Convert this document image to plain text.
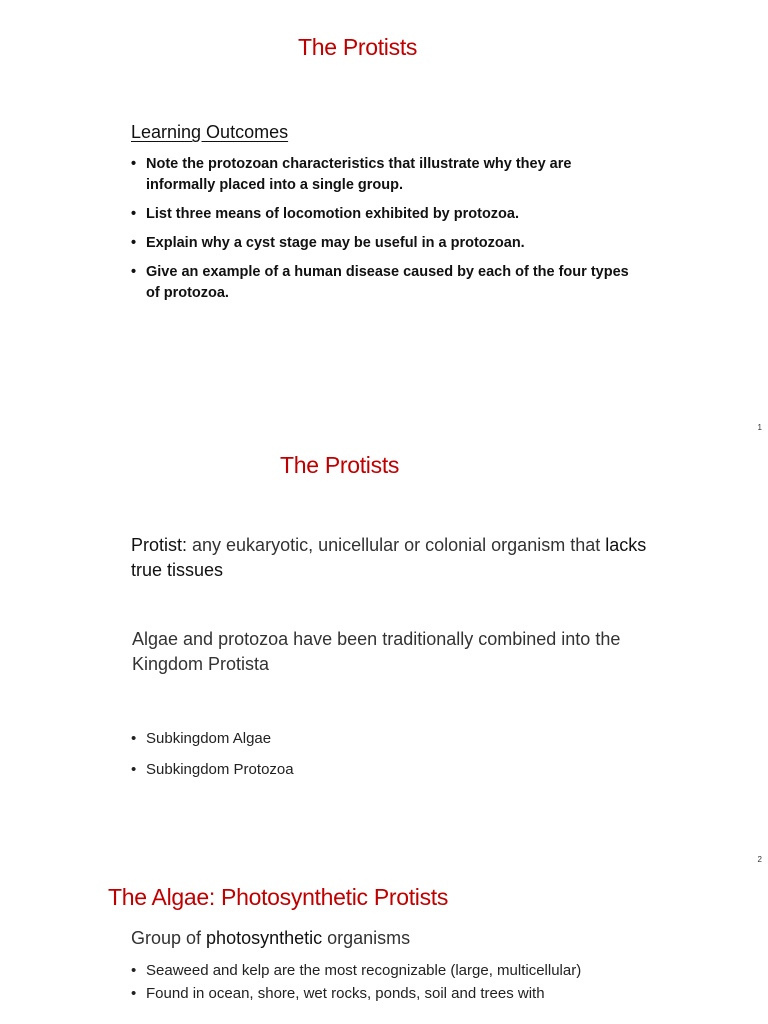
The Protists
Learning Outcomes
• Note the protozoan characteristics that illustrate why they are informally placed into a single group.
• List three means of locomotion exhibited by protozoa.
• Explain why a cyst stage may be useful in a protozoan.
• Give an example of a human disease caused by each of the four types of protozoa.
1
The Protists
Protist: any eukaryotic, unicellular or colonial organism that lacks true tissues
Algae and protozoa have been traditionally combined into the Kingdom Protista
• Subkingdom Algae
• Subkingdom Protozoa
2
The Algae: Photosynthetic Protists
Group of photosynthetic organisms
• Seaweed and kelp are the most recognizable (large, multicellular)
• Found in ocean, shore, wet rocks, ponds, soil and trees with
